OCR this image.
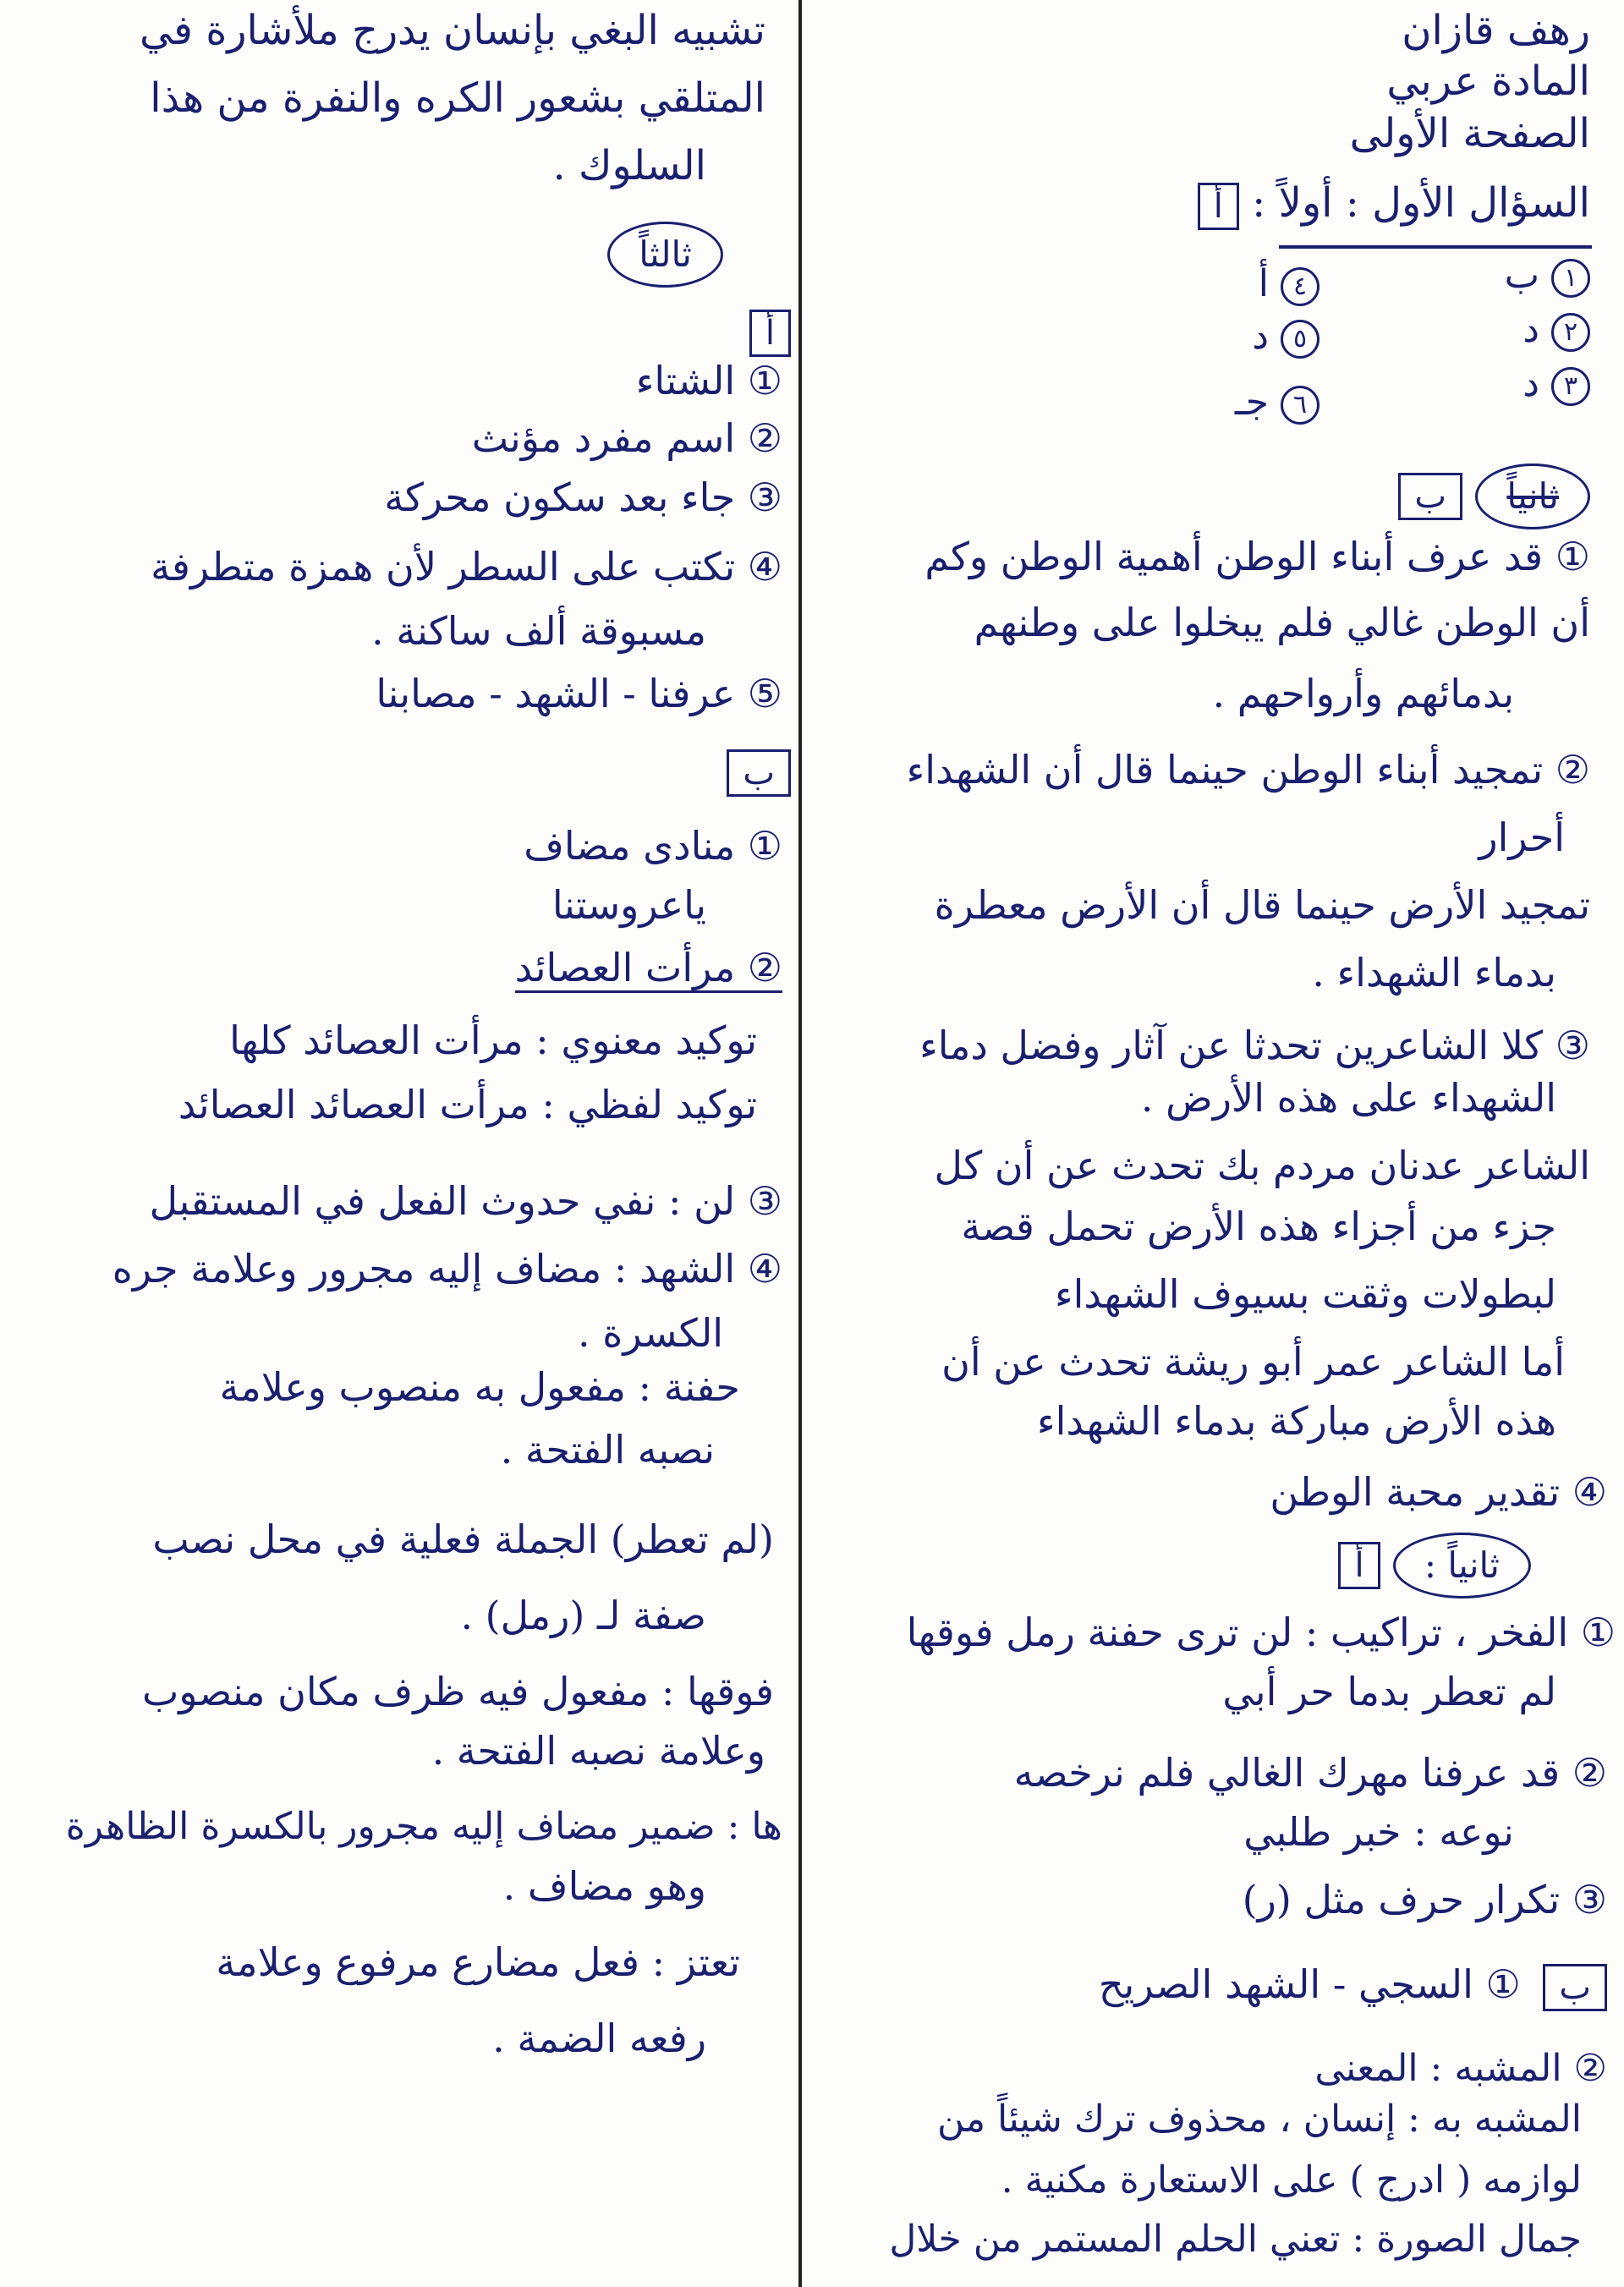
رهف قازان
المادة عربي
الصفحة الأولى
السؤال الأول : أولاً : أ
١ب
٢د
٣د
٤أ
٥د
٦جـ
ثانياً ب
① قد عرف أبناء الوطن أهمية الوطن وكم
أن الوطن غالي فلم يبخلوا على وطنهم
بدمائهم وأرواحهم .
② تمجيد أبناء الوطن حينما قال أن الشهداء
أحرار
تمجيد الأرض حينما قال أن الأرض معطرة
بدماء الشهداء .
③ كلا الشاعرين تحدثا عن آثار وفضل دماء
الشهداء على هذه الأرض .
الشاعر عدنان مردم بك تحدث عن أن كل
جزء من أجزاء هذه الأرض تحمل قصة
لبطولات وثقت بسيوف الشهداء
أما الشاعر عمر أبو ريشة تحدث عن أن
هذه الأرض مباركة بدماء الشهداء
④ تقدير محبة الوطن
ثانياً : أ
① الفخر ، تراكيب : لن ترى حفنة رمل فوقها
لم تعطر بدما حر أبي
② قد عرفنا مهرك الغالي فلم نرخصه
نوعه : خبر طلبي
③ تكرار حرف مثل (ر)
ب ① السجي - الشهد الصريح
② المشبه : المعنى
المشبه به : إنسان ، محذوف ترك شيئاً من
لوازمه ( ادرج ) على الاستعارة مكنية .
جمال الصورة : تعني الحلم المستمر من خلال
تشبيه البغي بإنسان يدرج ملأشارة في
المتلقي بشعور الكره والنفرة من هذا
السلوك .
ثالثاً
أ
① الشتاء
② اسم مفرد مؤنث
③ جاء بعد سكون محركة
④ تكتب على السطر لأن همزة متطرفة
مسبوقة ألف ساكنة .
⑤ عرفنا - الشهد - مصابنا
ب
① منادى مضاف
ياعروستنا
② مرأت العصائد
توكيد معنوي : مرأت العصائد كلها
توكيد لفظي : مرأت العصائد العصائد
③ لن : نفي حدوث الفعل في المستقبل
④ الشهد : مضاف إليه مجرور وعلامة جره
الكسرة .
حفنة : مفعول به منصوب وعلامة
نصبه الفتحة .
(لم تعطر) الجملة فعلية في محل نصب
صفة لـ (رمل) .
فوقها : مفعول فيه ظرف مكان منصوب
وعلامة نصبه الفتحة .
ها : ضمير مضاف إليه مجرور بالكسرة الظاهرة
وهو مضاف .
تعتز : فعل مضارع مرفوع وعلامة
رفعه الضمة .
